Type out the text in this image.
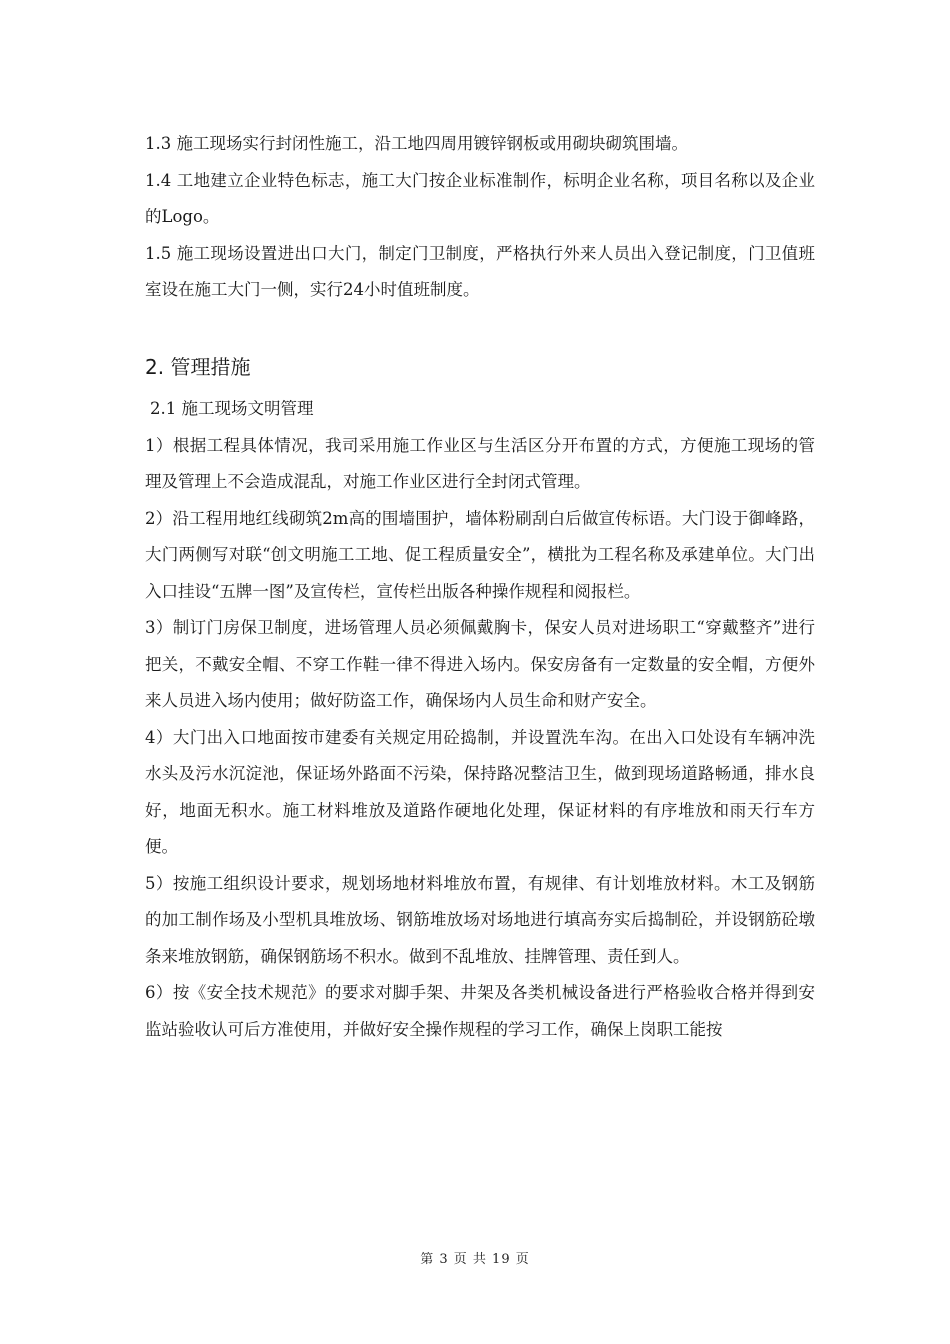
1.3 施工现场实行封闭性施工，沿工地四周用镀锌钢板或用砌块砌筑围墙。

1.4 工地建立企业特色标志，施工大门按企业标准制作，标明企业名称，项目名称以及企业的Logo。

1.5 施工现场设置进出口大门，制定门卫制度，严格执行外来人员出入登记制度，门卫值班室设在施工大门一侧，实行24小时值班制度。

2. 管理措施
2.1 施工现场文明管理

1）根据工程具体情况，我司采用施工作业区与生活区分开布置的方式，方便施工现场的管理及管理上不会造成混乱，对施工作业区进行全封闭式管理。

2）沿工程用地红线砌筑2m高的围墙围护，墙体粉刷刮白后做宣传标语。大门设于御峰路，大门两侧写对联“创文明施工工地、促工程质量安全”，横批为工程名称及承建单位。大门出入口挂设“五牌一图”及宣传栏，宣传栏出版各种操作规程和阅报栏。

3）制订门房保卫制度，进场管理人员必须佩戴胸卡，保安人员对进场职工“穿戴整齐”进行把关，不戴安全帽、不穿工作鞋一律不得进入场内。保安房备有一定数量的安全帽，方便外来人员进入场内使用；做好防盗工作，确保场内人员生命和财产安全。

4）大门出入口地面按市建委有关规定用砼捣制，并设置洗车沟。在出入口处设有车辆冲洗水头及污水沉淀池，保证场外路面不污染，保持路况整洁卫生，做到现场道路畅通，排水良好，地面无积水。施工材料堆放及道路作硬地化处理，保证材料的有序堆放和雨天行车方便。

5）按施工组织设计要求，规划场地材料堆放布置，有规律、有计划堆放材料。木工及钢筋的加工制作场及小型机具堆放场、钢筋堆放场对场地进行填高夯实后捣制砼，并设钢筋砼墩条来堆放钢筋，确保钢筋场不积水。做到不乱堆放、挂牌管理、责任到人。

6）按《安全技术规范》的要求对脚手架、井架及各类机械设备进行严格验收合格并得到安监站验收认可后方准使用，并做好安全操作规程的学习工作，确保上岗职工能按

第 3 页 共 19 页
